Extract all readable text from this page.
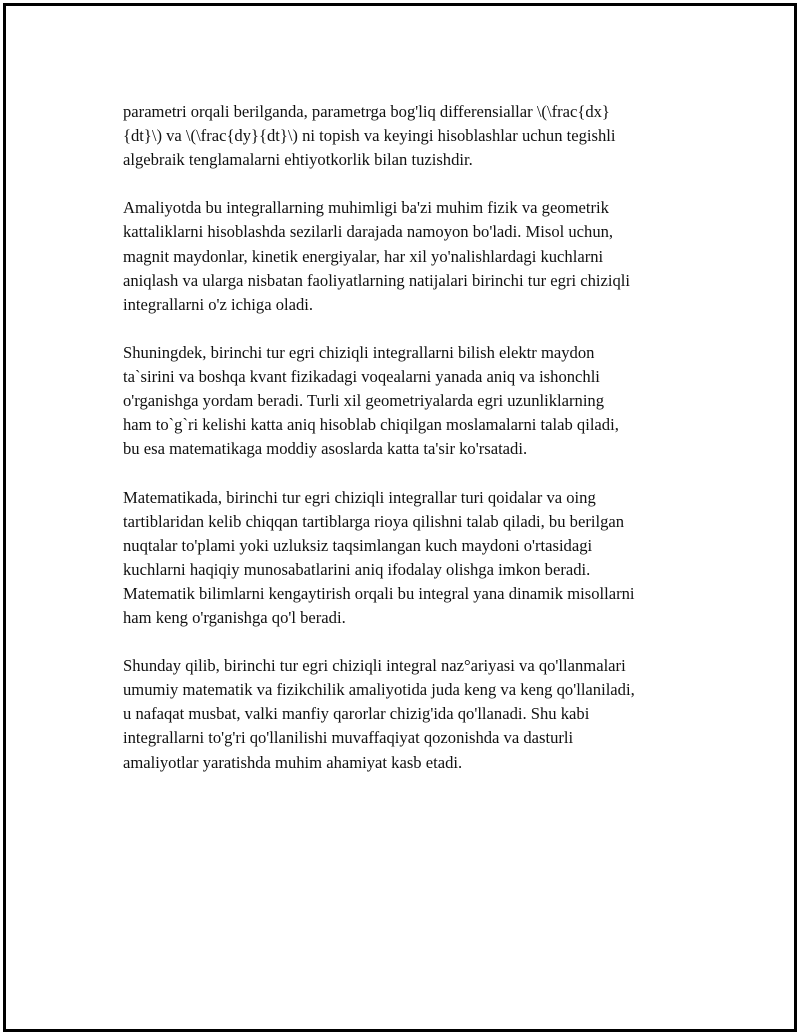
parametri orqali berilganda, parametrga bog'liq differensiallar \(\frac{dx}
{dt}\) va \(\frac{dy}{dt}\) ni topish va keyingi hisoblashlar uchun tegishli
algebraik tenglamalarni ehtiyotkorlik bilan tuzishdir.

Amaliyotda bu integrallarning muhimligi ba'zi muhim fizik va geometrik
kattaliklarni hisoblashda sezilarli darajada namoyon bo'ladi. Misol uchun,
magnit maydonlar, kinetik energiyalar, har xil yo'nalishlardagi kuchlarni
aniqlash va ularga nisbatan faoliyatlarning natijalari birinchi tur egri chiziqli
integrallarni o'z ichiga oladi.

Shuningdek, birinchi tur egri chiziqli integrallarni bilish elektr maydon
ta`sirini va boshqa kvant fizikadagi voqealarni yanada aniq va ishonchli
o'rganishga yordam beradi. Turli xil geometriyalarda egri uzunliklarning
ham to`g`ri kelishi katta aniq hisoblab chiqilgan moslamalarni talab qiladi,
bu esa matematikaga moddiy asoslarda katta ta'sir ko'rsatadi.

Matematikada, birinchi tur egri chiziqli integrallar turi qoidalar va oing
tartiblaridan kelib chiqqan tartiblarga rioya qilishni talab qiladi, bu berilgan
nuqtalar to'plami yoki uzluksiz taqsimlangan kuch maydoni o'rtasidagi
kuchlarni haqiqiy munosabatlarini aniq ifodalay olishga imkon beradi.
Matematik bilimlarni kengaytirish orqali bu integral yana dinamik misollarni
ham keng o'rganishga qo'l beradi.

Shunday qilib, birinchi tur egri chiziqli integral naz°ariyasi va qo'llanmalari
umumiy matematik va fizikchilik amaliyotida juda keng va keng qo'llaniladi,
u nafaqat musbat, valki manfiy qarorlar chizig'ida qo'llanadi. Shu kabi
integrallarni to'g'ri qo'llanilishi muvaffaqiyat qozonishda va dasturli
amaliyotlar yaratishda muhim ahamiyat kasb etadi.
